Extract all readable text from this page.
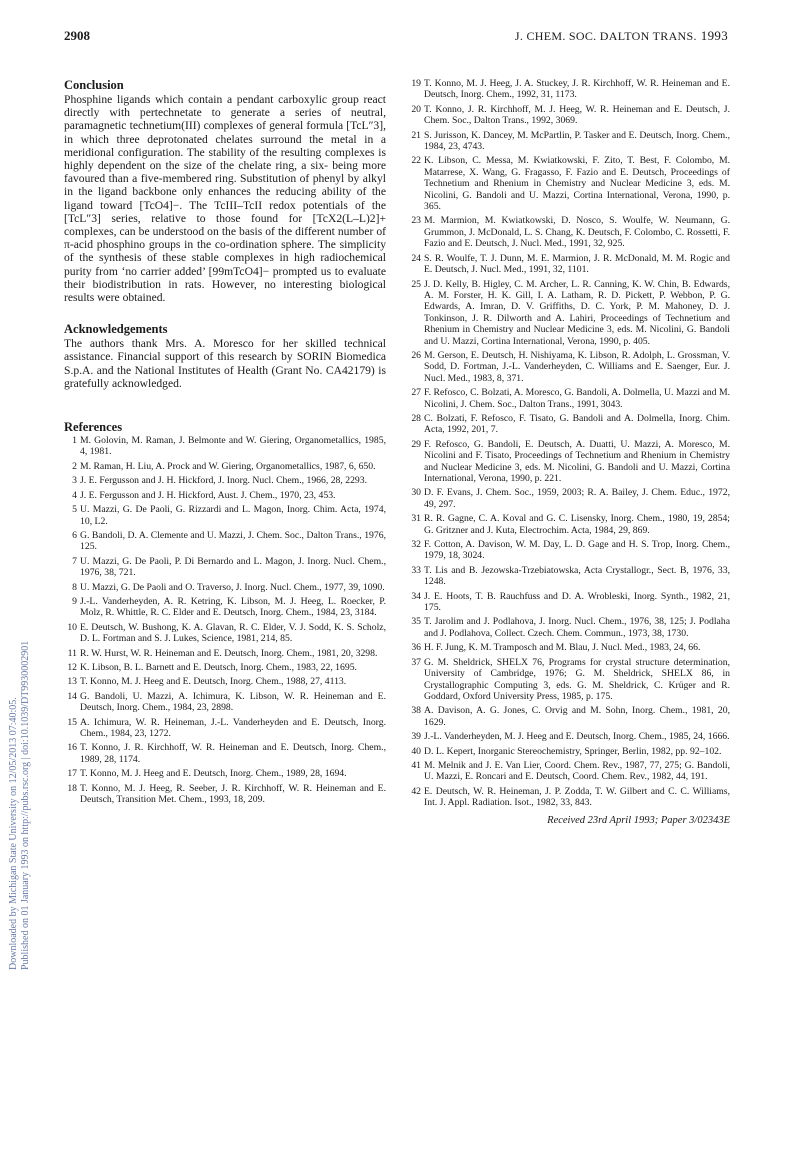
2908	J. CHEM. SOC. DALTON TRANS. 1993
Downloaded by Michigan State University on 12/05/2013 07:40:05. Published on 01 January 1993 on http://pubs.rsc.org | doi:10.1039/DT9930002901
Conclusion

Phosphine ligands which contain a pendant carboxylic group react directly with pertechnetate to generate a series of neutral, paramagnetic technetium(III) complexes of general formula [TcL″3], in which three deprotonated chelates surround the metal in a meridional configuration. The stability of the resulting complexes is highly dependent on the size of the chelate ring, a six- being more favoured than a five-membered ring. Substitution of phenyl by alkyl in the ligand backbone only enhances the reducing ability of the ligand toward [TcO4]−. The TcIII–TcII redox potentials of the [TcL″3] series, relative to those found for [TcX2(L–L)2]+ complexes, can be understood on the basis of the different number of π-acid phosphino groups in the co-ordination sphere. The simplicity of the synthesis of these stable complexes in high radiochemical purity from ‘no carrier added’ [99mTcO4]− prompted us to evaluate their biodistribution in rats. However, no interesting biological results were obtained.

Acknowledgements

The authors thank Mrs. A. Moresco for her skilled technical assistance. Financial support of this research by SORIN Biomedica S.p.A. and the National Institutes of Health (Grant No. CA42179) is gratefully acknowledged.

References
1 M. Golovin, M. Raman, J. Belmonte and W. Giering, Organometallics, 1985, 4, 1981.
2 M. Raman, H. Liu, A. Prock and W. Giering, Organometallics, 1987, 6, 650.
3 J. E. Fergusson and J. H. Hickford, J. Inorg. Nucl. Chem., 1966, 28, 2293.
4 J. E. Fergusson and J. H. Hickford, Aust. J. Chem., 1970, 23, 453.
5 U. Mazzi, G. De Paoli, G. Rizzardi and L. Magon, Inorg. Chim. Acta, 1974, 10, L2.
6 G. Bandoli, D. A. Clemente and U. Mazzi, J. Chem. Soc., Dalton Trans., 1976, 125.
7 U. Mazzi, G. De Paoli, P. Di Bernardo and L. Magon, J. Inorg. Nucl. Chem., 1976, 38, 721.
8 U. Mazzi, G. De Paoli and O. Traverso, J. Inorg. Nucl. Chem., 1977, 39, 1090.
9 J.-L. Vanderheyden, A. R. Ketring, K. Libson, M. J. Heeg, L. Roecker, P. Molz, R. Whittle, R. C. Elder and E. Deutsch, Inorg. Chem., 1984, 23, 3184.
10 E. Deutsch, W. Bushong, K. A. Glavan, R. C. Elder, V. J. Sodd, K. S. Scholz, D. L. Fortman and S. J. Lukes, Science, 1981, 214, 85.
11 R. W. Hurst, W. R. Heineman and E. Deutsch, Inorg. Chem., 1981, 20, 3298.
12 K. Libson, B. L. Barnett and E. Deutsch, Inorg. Chem., 1983, 22, 1695.
13 T. Konno, M. J. Heeg and E. Deutsch, Inorg. Chem., 1988, 27, 4113.
14 G. Bandoli, U. Mazzi, A. Ichimura, K. Libson, W. R. Heineman and E. Deutsch, Inorg. Chem., 1984, 23, 2898.
15 A. Ichimura, W. R. Heineman, J.-L. Vanderheyden and E. Deutsch, Inorg. Chem., 1984, 23, 1272.
16 T. Konno, J. R. Kirchhoff, W. R. Heineman and E. Deutsch, Inorg. Chem., 1989, 28, 1174.
17 T. Konno, M. J. Heeg and E. Deutsch, Inorg. Chem., 1989, 28, 1694.
18 T. Konno, M. J. Heeg, R. Seeber, J. R. Kirchhoff, W. R. Heineman and E. Deutsch, Transition Met. Chem., 1993, 18, 209.
19 T. Konno, M. J. Heeg, J. A. Stuckey, J. R. Kirchhoff, W. R. Heineman and E. Deutsch, Inorg. Chem., 1992, 31, 1173.
20 T. Konno, J. R. Kirchhoff, M. J. Heeg, W. R. Heineman and E. Deutsch, J. Chem. Soc., Dalton Trans., 1992, 3069.
21 S. Jurisson, K. Dancey, M. McPartlin, P. Tasker and E. Deutsch, Inorg. Chem., 1984, 23, 4743.
22 K. Libson, C. Messa, M. Kwiatkowski, F. Zito, T. Best, F. Colombo, M. Matarrese, X. Wang, G. Fragasso, F. Fazio and E. Deutsch, Proceedings of Technetium and Rhenium in Chemistry and Nuclear Medicine 3, eds. M. Nicolini, G. Bandoli and U. Mazzi, Cortina International, Verona, 1990, p. 365.
23 M. Marmion, M. Kwiatkowski, D. Nosco, S. Woulfe, W. Neumann, G. Grummon, J. McDonald, L. S. Chang, K. Deutsch, F. Colombo, C. Rossetti, F. Fazio and E. Deutsch, J. Nucl. Med., 1991, 32, 925.
24 S. R. Woulfe, T. J. Dunn, M. E. Marmion, J. R. McDonald, M. M. Rogic and E. Deutsch, J. Nucl. Med., 1991, 32, 1101.
25 J. D. Kelly, B. Higley, C. M. Archer, L. R. Canning, K. W. Chin, B. Edwards, A. M. Forster, H. K. Gill, I. A. Latham, R. D. Pickett, P. Webbon, P. G. Edwards, A. Imran, D. V. Griffiths, D. C. York, P. M. Mahoney, D. J. Tonkinson, J. R. Dilworth and A. Lahiri, Proceedings of Technetium and Rhenium in Chemistry and Nuclear Medicine 3, eds. M. Nicolini, G. Bandoli and U. Mazzi, Cortina International, Verona, 1990, p. 405.
26 M. Gerson, E. Deutsch, H. Nishiyama, K. Libson, R. Adolph, L. Grossman, V. Sodd, D. Fortman, J.-L. Vanderheyden, C. Williams and E. Saenger, Eur. J. Nucl. Med., 1983, 8, 371.
27 F. Refosco, C. Bolzati, A. Moresco, G. Bandoli, A. Dolmella, U. Mazzi and M. Nicolini, J. Chem. Soc., Dalton Trans., 1991, 3043.
28 C. Bolzati, F. Refosco, F. Tisato, G. Bandoli and A. Dolmella, Inorg. Chim. Acta, 1992, 201, 7.
29 F. Refosco, G. Bandoli, E. Deutsch, A. Duatti, U. Mazzi, A. Moresco, M. Nicolini and F. Tisato, Proceedings of Technetium and Rhenium in Chemistry and Nuclear Medicine 3, eds. M. Nicolini, G. Bandoli and U. Mazzi, Cortina International, Verona, 1990, p. 221.
30 D. F. Evans, J. Chem. Soc., 1959, 2003; R. A. Bailey, J. Chem. Educ., 1972, 49, 297.
31 R. R. Gagne, C. A. Koval and G. C. Lisensky, Inorg. Chem., 1980, 19, 2854; G. Gritzner and J. Kuta, Electrochim. Acta, 1984, 29, 869.
32 F. Cotton, A. Davison, W. M. Day, L. D. Gage and H. S. Trop, Inorg. Chem., 1979, 18, 3024.
33 T. Lis and B. Jezowska-Trzebiatowska, Acta Crystallogr., Sect. B, 1976, 33, 1248.
34 J. E. Hoots, T. B. Rauchfuss and D. A. Wrobleski, Inorg. Synth., 1982, 21, 175.
35 T. Jarolim and J. Podlahova, J. Inorg. Nucl. Chem., 1976, 38, 125; J. Podlaha and J. Podlahova, Collect. Czech. Chem. Commun., 1973, 38, 1730.
36 H. F. Jung, K. M. Tramposch and M. Blau, J. Nucl. Med., 1983, 24, 66.
37 G. M. Sheldrick, SHELX 76, Programs for crystal structure determination, University of Cambridge, 1976; G. M. Sheldrick, SHELX 86, in Crystallographic Computing 3, eds. G. M. Sheldrick, C. Krüger and R. Goddard, Oxford University Press, 1985, p. 175.
38 A. Davison, A. G. Jones, C. Orvig and M. Sohn, Inorg. Chem., 1981, 20, 1629.
39 J.-L. Vanderheyden, M. J. Heeg and E. Deutsch, Inorg. Chem., 1985, 24, 1666.
40 D. L. Kepert, Inorganic Stereochemistry, Springer, Berlin, 1982, pp. 92–102.
41 M. Melnik and J. E. Van Lier, Coord. Chem. Rev., 1987, 77, 275; G. Bandoli, U. Mazzi, E. Roncari and E. Deutsch, Coord. Chem. Rev., 1982, 44, 191.
42 E. Deutsch, W. R. Heineman, J. P. Zodda, T. W. Gilbert and C. C. Williams, Int. J. Appl. Radiation. Isot., 1982, 33, 843.
Received 23rd April 1993; Paper 3/02343E
